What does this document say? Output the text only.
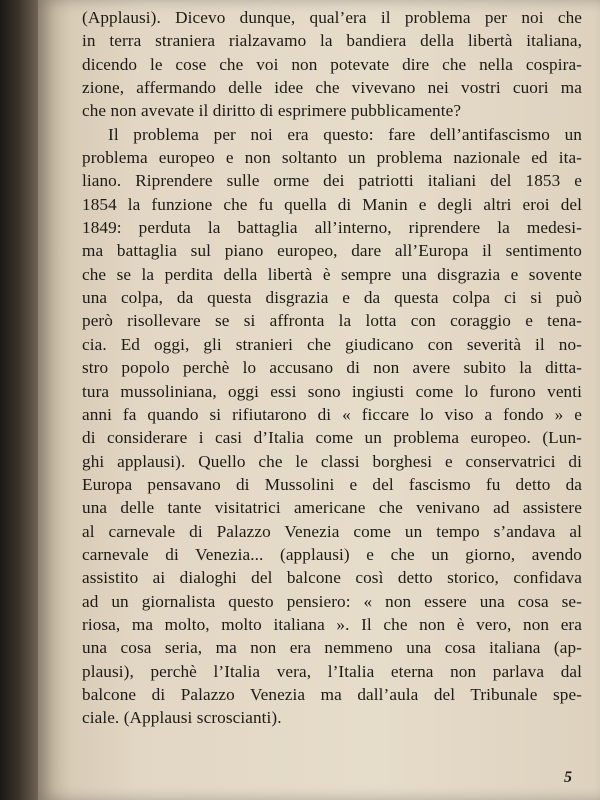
(Applausi). Dicevo dunque, qual’era il problema per noi che
in terra straniera rialzavamo la bandiera della libertà italiana,
dicendo le cose che voi non potevate dire che nella cospira-
zione, affermando delle idee che vivevano nei vostri cuori ma
che non avevate il diritto di esprimere pubblicamente?
Il problema per noi era questo: fare dell’antifascismo un
problema europeo e non soltanto un problema nazionale ed ita-
liano. Riprendere sulle orme dei patriotti italiani del 1853 e
1854 la funzione che fu quella di Manin e degli altri eroi del
1849: perduta la battaglia all’interno, riprendere la medesi-
ma battaglia sul piano europeo, dare all’Europa il sentimento
che se la perdita della libertà è sempre una disgrazia e sovente
una colpa, da questa disgrazia e da questa colpa ci si può
però risollevare se si affronta la lotta con coraggio e tena-
cia. Ed oggi, gli stranieri che giudicano con severità il no-
stro popolo perchè lo accusano di non avere subito la ditta-
tura mussoliniana, oggi essi sono ingiusti come lo furono venti
anni fa quando si rifiutarono di « ficcare lo viso a fondo » e
di considerare i casi d’Italia come un problema europeo. (Lun-
ghi applausi). Quello che le classi borghesi e conservatrici di
Europa pensavano di Mussolini e del fascismo fu detto da
una delle tante visitatrici americane che venivano ad assistere
al carnevale di Palazzo Venezia come un tempo s’andava al
carnevale di Venezia... (applausi) e che un giorno, avendo
assistito ai dialoghi del balcone così detto storico, confidava
ad un giornalista questo pensiero: « non essere una cosa se-
riosa, ma molto, molto italiana ». Il che non è vero, non era
una cosa seria, ma non era nemmeno una cosa italiana (ap-
plausi), perchè l’Italia vera, l’Italia eterna non parlava dal
balcone di Palazzo Venezia ma dall’aula del Tribunale spe-
ciale. (Applausi scroscianti).
5
